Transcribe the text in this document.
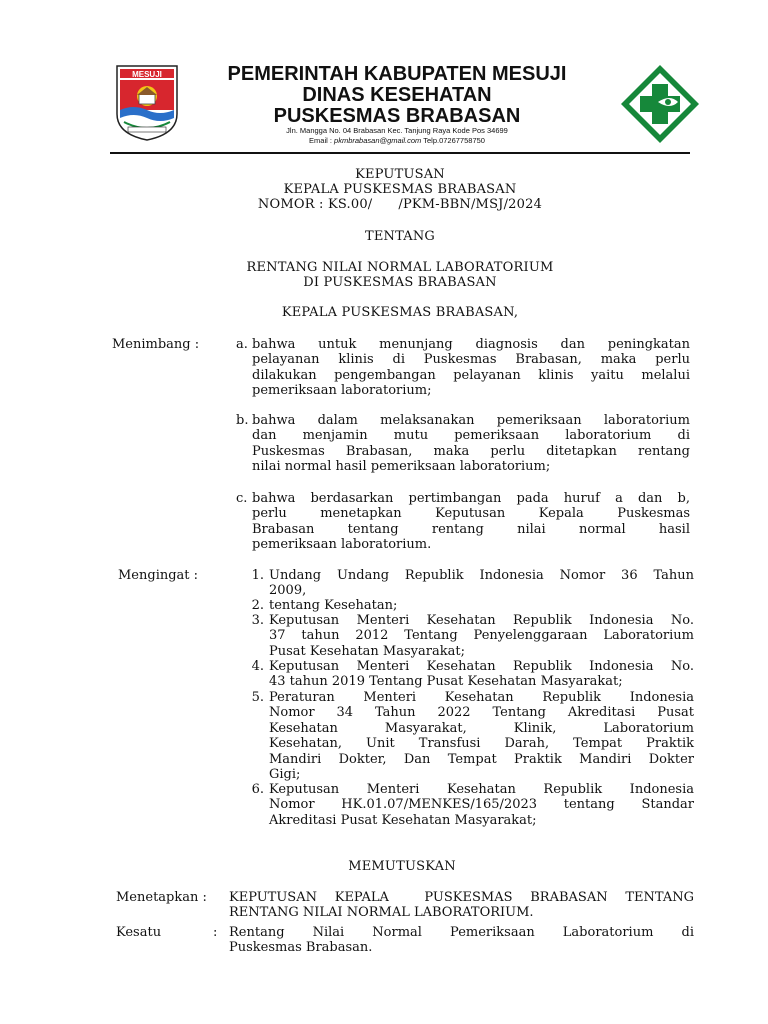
MESUJI	PEMERINTAH KABUPATEN MESUJI
DINAS KESEHATAN
PUSKESMAS BRABASAN
Jln. Mangga No. 04 Brabasan Kec. Tanjung Raya Kode Pos 34699
Email : pkmbrabasan@gmail.com Telp.07267758750
KEPUTUSAN
KEPALA PUSKESMAS BRABASAN
NOMOR : KS.00/      /PKM-BBN/MSJ/2024
TENTANG
RENTANG NILAI NORMAL LABORATORIUM
DI PUSKESMAS BRABASAN
KEPALA PUSKESMAS BRABASAN,
Menimbang :	a. bahwa untuk menunjang diagnosis dan peningkatan
pelayanan klinis di Puskesmas Brabasan, maka perlu
dilakukan pengembangan pelayanan klinis yaitu melalui
pemeriksaan laboratorium;
b. bahwa dalam melaksanakan pemeriksaan laboratorium
dan menjamin mutu pemeriksaan laboratorium di
Puskesmas Brabasan, maka perlu ditetapkan rentang
nilai normal hasil pemeriksaan laboratorium;
c. bahwa berdasarkan pertimbangan pada huruf a dan b,
perlu menetapkan Keputusan Kepala Puskesmas
Brabasan tentang rentang nilai normal hasil
pemeriksaan laboratorium.
Mengingat :	1. Undang Undang Republik Indonesia Nomor 36 Tahun
2009,
2. tentang Kesehatan;
3. Keputusan Menteri Kesehatan Republik Indonesia No.
37 tahun 2012 Tentang Penyelenggaraan Laboratorium
Pusat Kesehatan Masyarakat;
4. Keputusan Menteri Kesehatan Republik Indonesia No.
43 tahun 2019 Tentang Pusat Kesehatan Masyarakat;
5. Peraturan Menteri Kesehatan Republik Indonesia
Nomor 34 Tahun 2022 Tentang Akreditasi Pusat
Kesehatan Masyarakat, Klinik, Laboratorium
Kesehatan, Unit Transfusi Darah, Tempat Praktik
Mandiri Dokter, Dan Tempat Praktik Mandiri Dokter
Gigi;
6. Keputusan Menteri Kesehatan Republik Indonesia
Nomor HK.01.07/MENKES/165/2023 tentang Standar
Akreditasi Pusat Kesehatan Masyarakat;
MEMUTUSKAN
Menetapkan : KEPUTUSAN KEPALA  PUSKESMAS BRABASAN TENTANG
RENTANG NILAI NORMAL LABORATORIUM.
Kesatu	: Rentang Nilai Normal Pemeriksaan Laboratorium di
Puskesmas Brabasan.
